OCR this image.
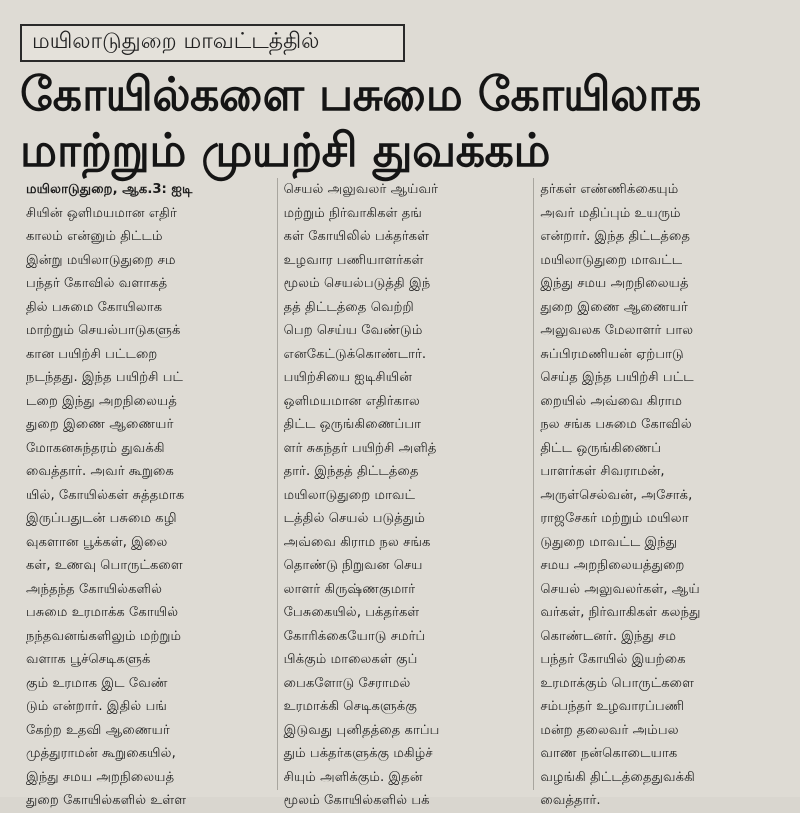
மயிலாடுதுறை மாவட்டத்தில்
கோயில்களை பசுமை கோயிலாக
மாற்றும் முயற்சி துவக்கம்
மயிலாடுதுறை, ஆக.3: ஐடி
சியின் ஒளிமயமான எதிர்
காலம் என்னும் திட்டம்
இன்று மயிலாடுதுறை சம
பந்தர் கோவில் வளாகத்
தில் பசுமை கோயிலாக
மாற்றும் செயல்பாடுகளுக்
கான பயிற்சி பட்டறை
நடந்தது. இந்த பயிற்சி பட்
டறை இந்து அறநிலையத்
துறை இணை ஆணையர்
மோகனசுந்தரம் துவக்கி
வைத்தார். அவர் கூறுகை
யில், கோயில்கள் சுத்தமாக
இருப்பதுடன் பசுமை கழி
வுகளான பூக்கள், இலை
கள், உணவு பொருட்களை
அந்தந்த கோயில்களில்
பசுமை உரமாக்க கோயில்
நந்தவனங்களிலும் மற்றும்
வளாக பூச்செடிகளுக்
கும் உரமாக இட வேண்
டும் என்றார். இதில் பங்
கேற்ற உதவி ஆணையர்
முத்துராமன் கூறுகையில்,
இந்து சமய அறநிலையத்
துறை கோயில்களில் உள்ள
செயல் அலுவலர் ஆய்வர்
மற்றும் நிர்வாகிகள் தங்
கள் கோயிலில் பக்தர்கள்
உழவார பணியாளர்கள்
மூலம் செயல்படுத்தி இந்
தத் திட்டத்தை வெற்றி
பெற செய்ய வேண்டும்
எனகேட்டுக்கொண்டார்.
பயிற்சியை ஐடிசியின்
ஒளிமயமான எதிர்கால
திட்ட ஒருங்கிணைப்பா
ளர் சுகந்தர் பயிற்சி அளித்
தார். இந்தத் திட்டத்தை
மயிலாடுதுறை மாவட்
டத்தில் செயல் படுத்தும்
அவ்வை கிராம நல சங்க
தொண்டு நிறுவன செய
லாளர் கிருஷ்ணகுமார்
பேசுகையில், பக்தர்கள்
கோரிக்கையோடு சமர்ப்
பிக்கும் மாலைகள் குப்
பைகளோடு சேராமல்
உரமாக்கி செடிகளுக்கு
இடுவது புனிதத்தை காப்ப
தும் பக்தர்களுக்கு மகிழ்ச்
சியும் அளிக்கும். இதன்
மூலம் கோயில்களில் பக்
தர்கள் எண்ணிக்கையும்
அவர் மதிப்பும் உயரும்
என்றார். இந்த திட்டத்தை
மயிலாடுதுறை மாவட்ட
இந்து சமய அறநிலையத்
துறை இணை ஆணையர்
அலுவலக மேலாளர் பால
சுப்பிரமணியன் ஏற்பாடு
செய்த இந்த பயிற்சி பட்ட
றையில் அவ்வை கிராம
நல சங்க பசுமை கோவில்
திட்ட ஒருங்கிணைப்
பாளர்கள் சிவராமன்,
அருள்செல்வன், அசோக்,
ராஜசேகர் மற்றும் மயிலா
டுதுறை மாவட்ட இந்து
சமய அறநிலையத்துறை
செயல் அலுவலர்கள், ஆய்
வர்கள், நிர்வாகிகள் கலந்து
கொண்டனர். இந்து சம
பந்தர் கோயில் இயற்கை
உரமாக்கும் பொருட்களை
சம்பந்தர் உழவாரப்பணி
மன்ற தலைவர் அம்பல
வாண நன்கொடையாக
வழங்கி திட்டத்தைதுவக்கி
வைத்தார்.
